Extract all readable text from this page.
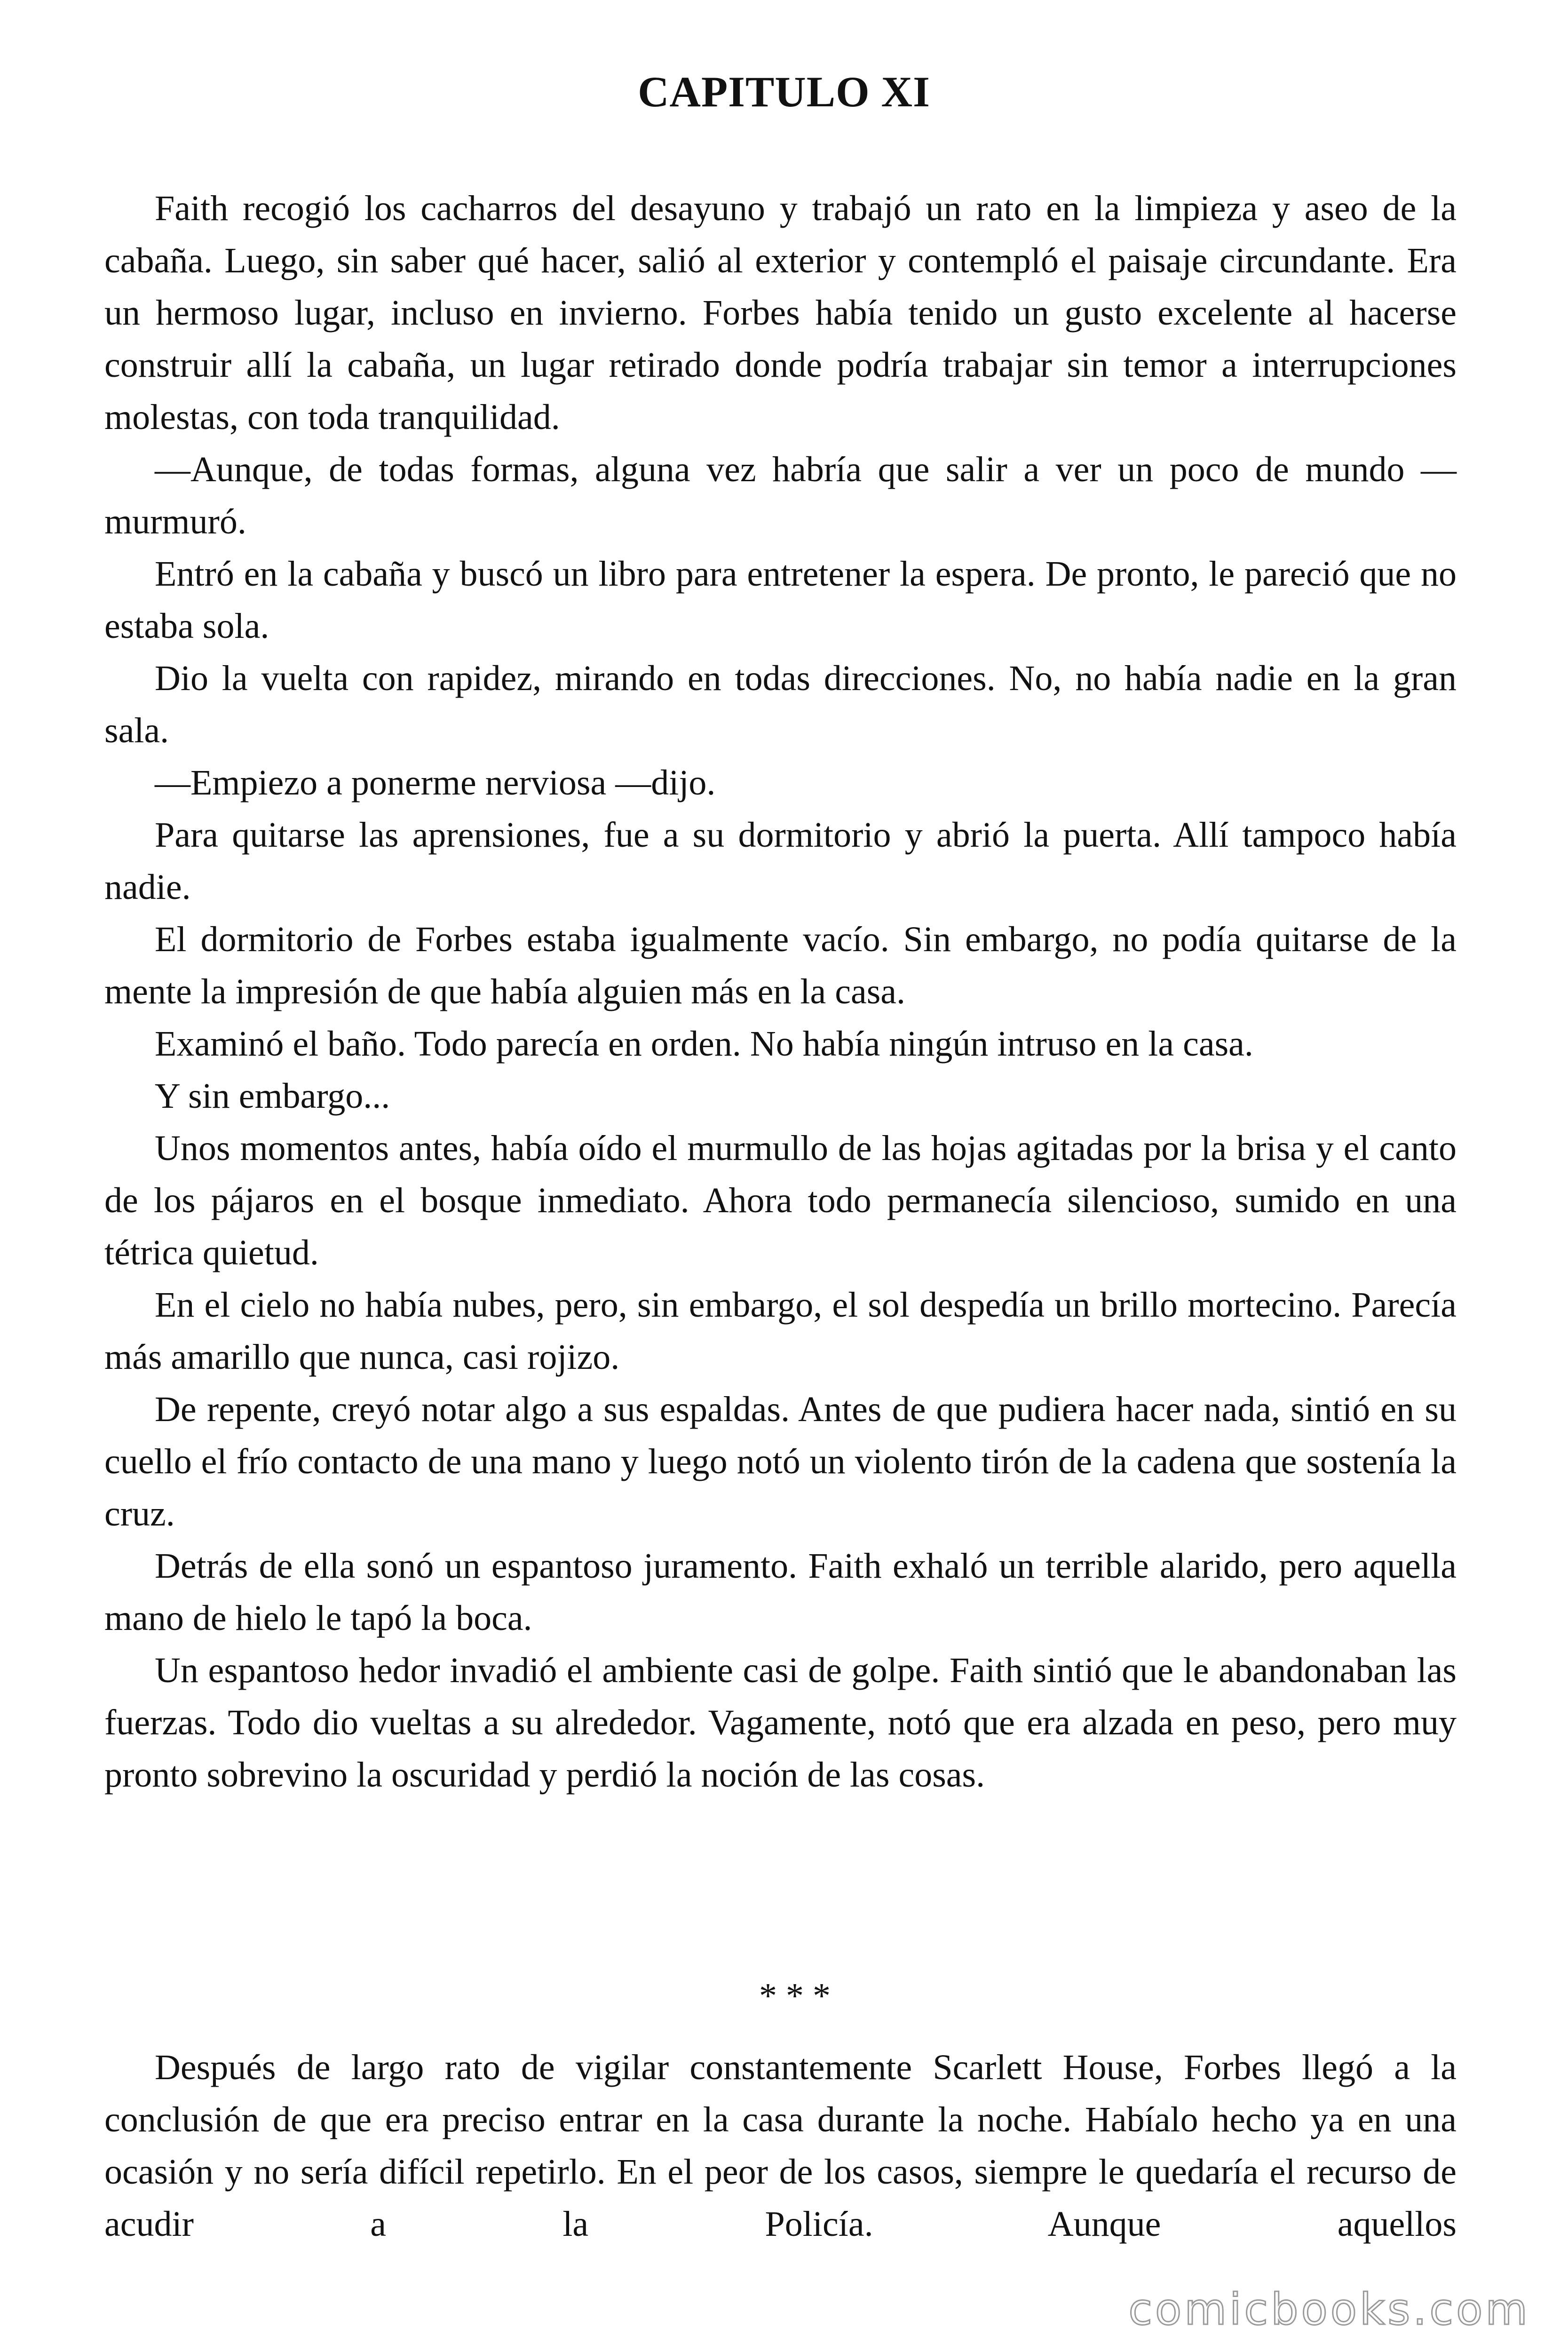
CAPITULO XI

Faith recogió los cacharros del desayuno y trabajó un rato en la limpieza y aseo de la cabaña. Luego, sin saber qué hacer, salió al exterior y contempló el paisaje circundante. Era un hermoso lugar, incluso en invierno. Forbes había tenido un gusto excelente al hacerse construir allí la cabaña, un lugar retirado donde podría trabajar sin temor a interrupciones molestas, con toda tranquilidad.

—Aunque, de todas formas, alguna vez habría que salir a ver un poco de mundo —murmuró.

Entró en la cabaña y buscó un libro para entretener la espera. De pronto, le pareció que no estaba sola.

Dio la vuelta con rapidez, mirando en todas direcciones. No, no había nadie en la gran sala.

—Empiezo a ponerme nerviosa —dijo.

Para quitarse las aprensiones, fue a su dormitorio y abrió la puerta. Allí tampoco había nadie.

El dormitorio de Forbes estaba igualmente vacío. Sin embargo, no podía quitarse de la mente la impresión de que había alguien más en la casa.

Examinó el baño. Todo parecía en orden. No había ningún intruso en la casa.

Y sin embargo...

Unos momentos antes, había oído el murmullo de las hojas agitadas por la brisa y el canto de los pájaros en el bosque inmediato. Ahora todo permanecía silencioso, sumido en una tétrica quietud.

En el cielo no había nubes, pero, sin embargo, el sol despedía un brillo mortecino. Parecía más amarillo que nunca, casi rojizo.

De repente, creyó notar algo a sus espaldas. Antes de que pudiera hacer nada, sintió en su cuello el frío contacto de una mano y luego notó un violento tirón de la cadena que sostenía la cruz.

Detrás de ella sonó un espantoso juramento. Faith exhaló un terrible alarido, pero aquella mano de hielo le tapó la boca.

Un espantoso hedor invadió el ambiente casi de golpe. Faith sintió que le abandonaban las fuerzas. Todo dio vueltas a su alrededor. Vagamente, notó que era alzada en peso, pero muy pronto sobrevino la oscuridad y perdió la noción de las cosas.

* * *

Después de largo rato de vigilar constantemente Scarlett House, Forbes llegó a la conclusión de que era preciso entrar en la casa durante la noche. Habíalo hecho ya en una ocasión y no sería difícil repetirlo. En el peor de los casos, siempre le quedaría el recurso de acudir a la Policía. Aunque aquellos

comicbooks.com
